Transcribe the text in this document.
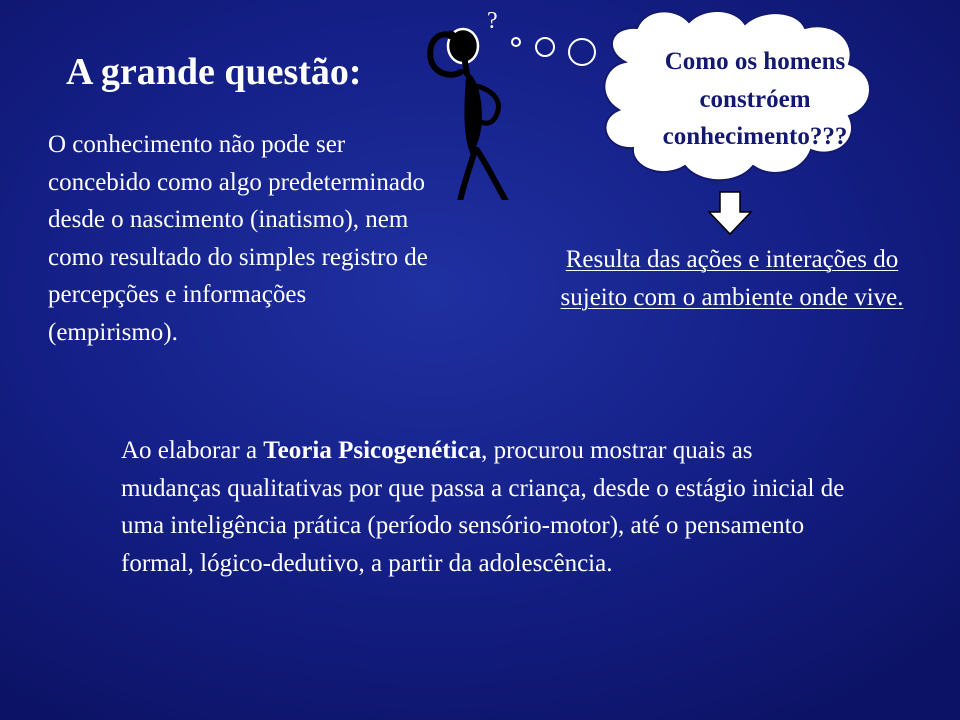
A grande questão:
O conhecimento não pode ser concebido como algo predeterminado desde o nascimento (inatismo), nem como resultado do simples registro de percepções e informações (empirismo).
?
Como os homens
constróem
conhecimento???
Resulta das ações e interações do sujeito com o ambiente onde vive.
Ao elaborar a Teoria Psicogenética, procurou mostrar quais as mudanças qualitativas por que passa a criança, desde o estágio inicial de uma inteligência prática (período sensório-motor), até o pensamento formal, lógico-dedutivo, a partir da adolescência.
